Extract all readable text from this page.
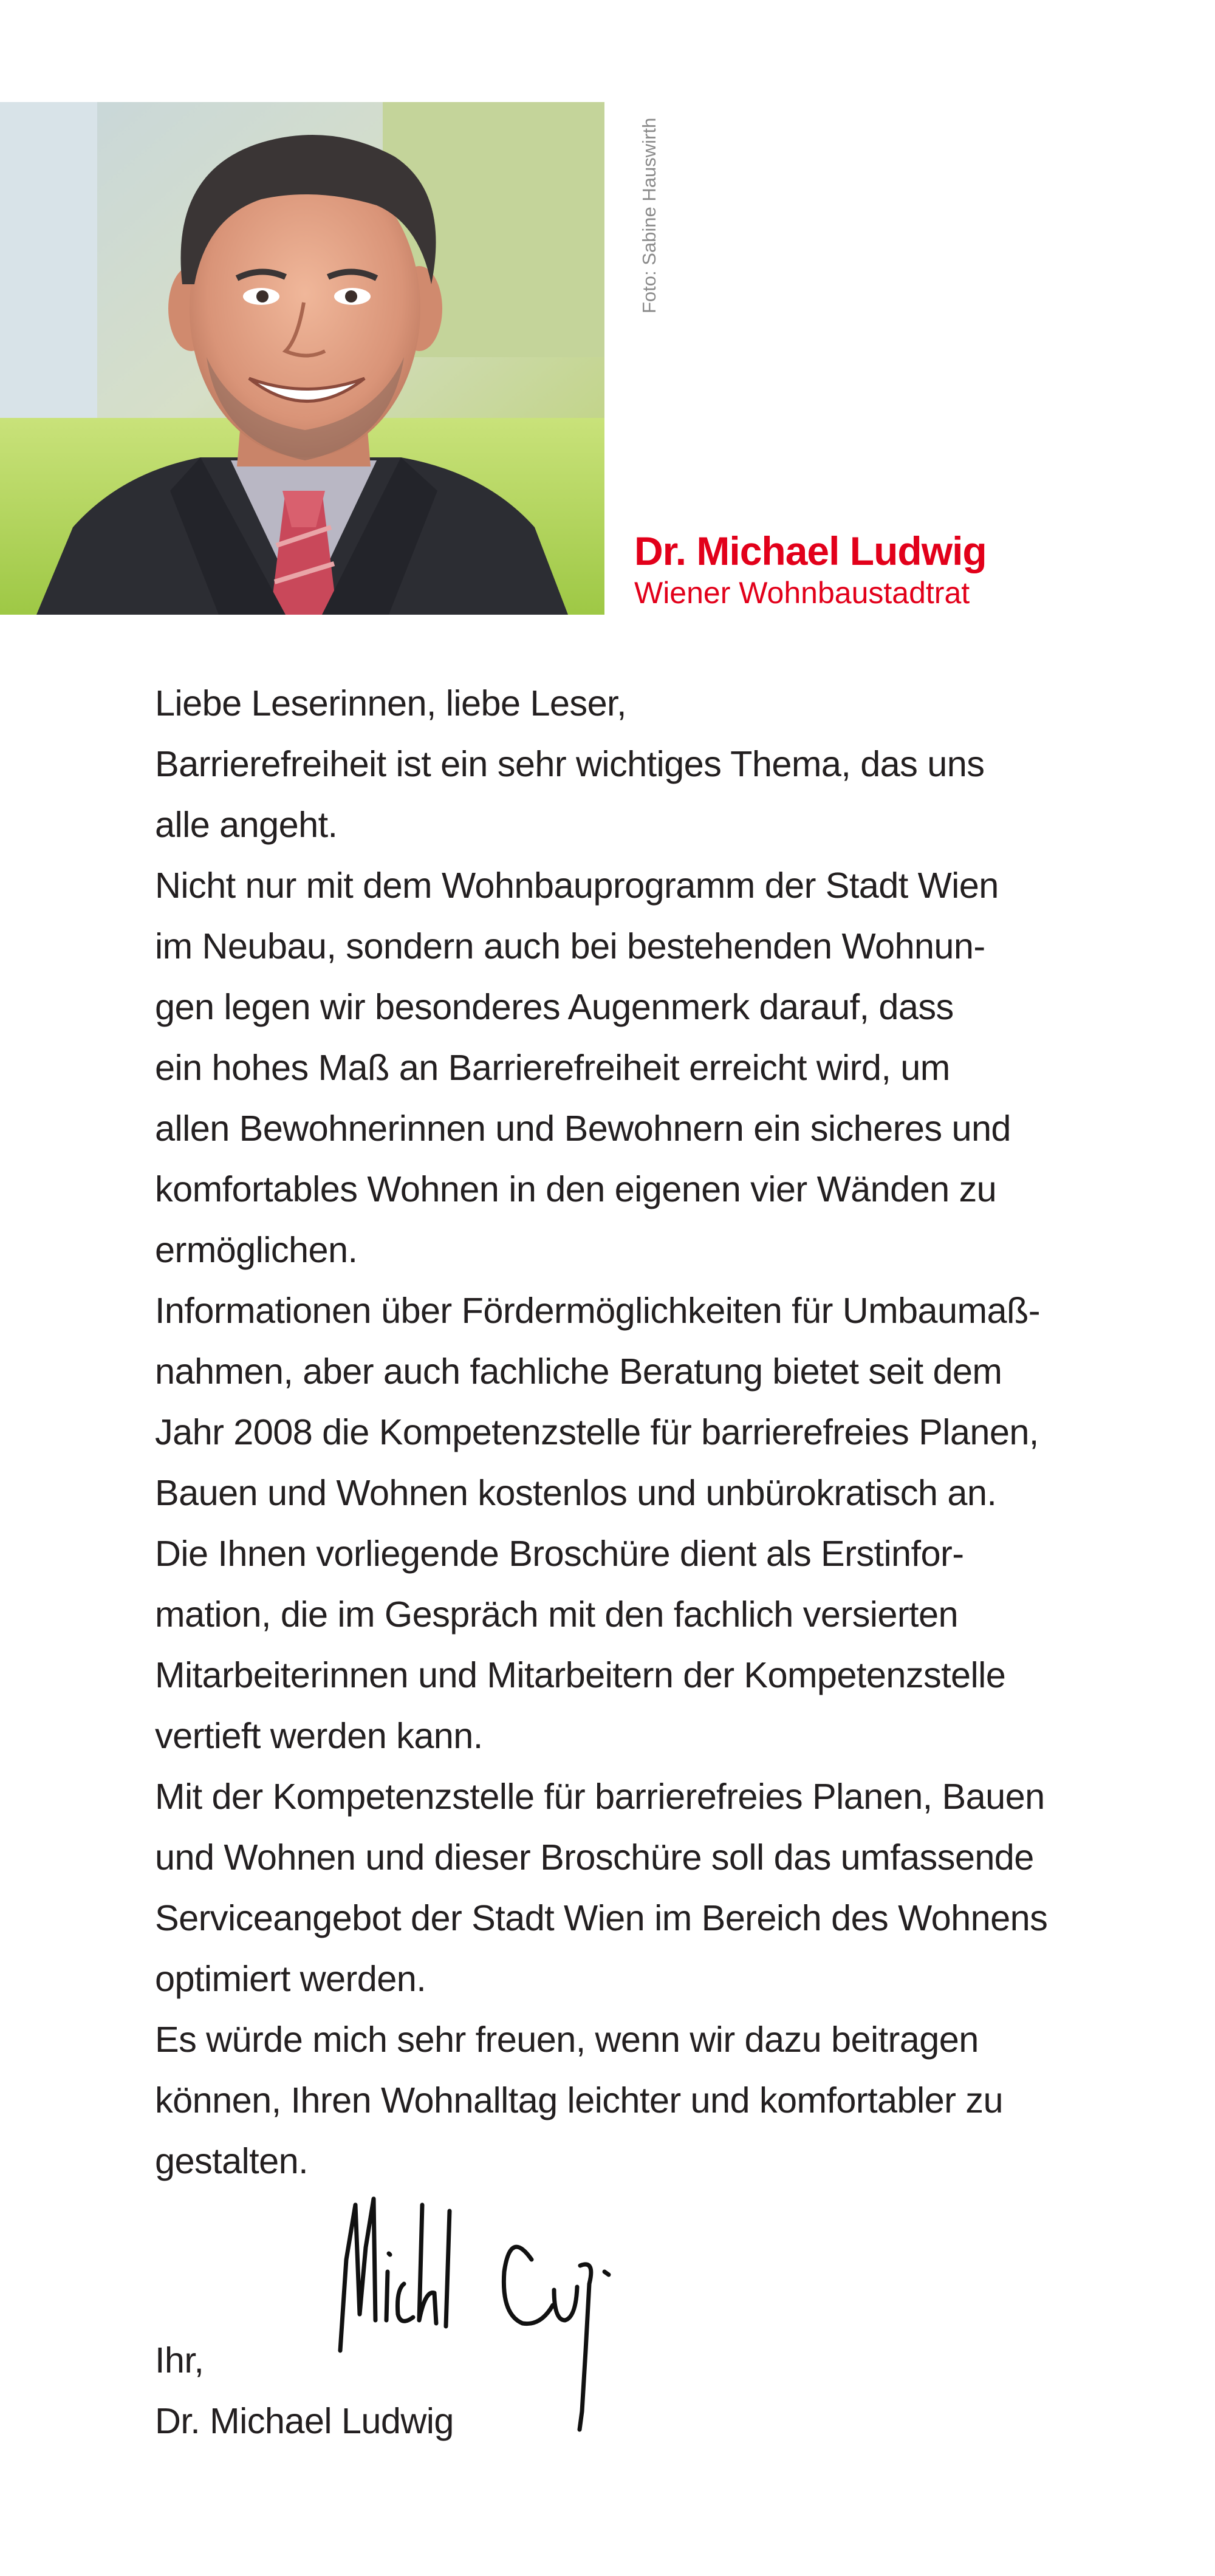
Foto: Sabine Hauswirth
Dr. Michael Ludwig
Wiener Wohnbaustadtrat

Liebe Leserinnen, liebe Leser,

Barrierefreiheit ist ein sehr wichtiges Thema, das uns

alle angeht.

Nicht nur mit dem Wohnbauprogramm der Stadt Wien

im Neubau, sondern auch bei bestehenden Wohnun-

gen legen wir besonderes Augenmerk darauf, dass

ein hohes Maß an Barrierefreiheit erreicht wird, um

allen Bewohnerinnen und Bewohnern ein sicheres und

komfortables Wohnen in den eigenen vier Wänden zu

ermöglichen.

Informationen über Fördermöglichkeiten für Umbaumaß-

nahmen, aber auch fachliche Beratung bietet seit dem

Jahr 2008 die Kompetenzstelle für barrierefreies Planen,

Bauen und Wohnen kostenlos und unbürokratisch an.

Die Ihnen vorliegende Broschüre dient als Erstinfor-

mation, die im Gespräch mit den fachlich versierten

Mitarbeiterinnen und Mitarbeitern der Kompetenzstelle

vertieft werden kann.

Mit der Kompetenzstelle für barrierefreies Planen, Bauen

und Wohnen und dieser Broschüre soll das umfassende

Serviceangebot der Stadt Wien im Bereich des Wohnens

optimiert werden.

Es würde mich sehr freuen, wenn wir dazu beitragen

können, Ihren Wohnalltag leichter und komfortabler zu

gestalten.

Ihr,

Dr. Michael Ludwig
